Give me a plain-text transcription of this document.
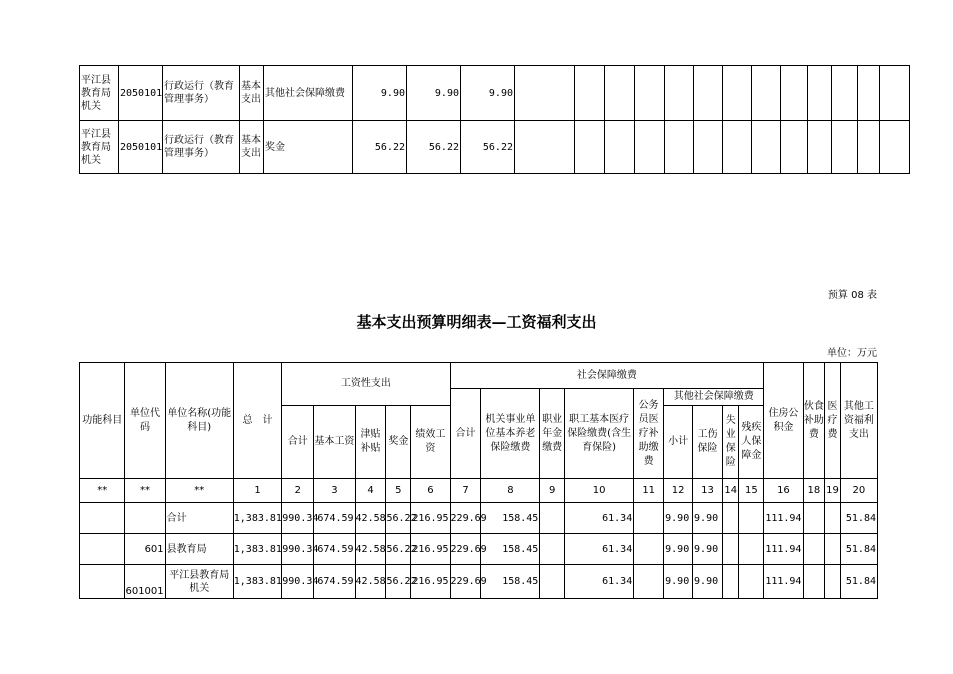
平江县教育局机关	2050101	行政运行（教育管理事务）	基本支出	其他社会保障缴费	9.90	9.90	9.90													
平江县教育局机关	2050101	行政运行（教育管理事务）	基本支出	奖金	56.22	56.22	56.22													
预算 08 表
基本支出预算明细表—工资福利支出
单位：万元
功能科目	单位代码	单位名称(功能科目)	总　计	工资性支出					社会保障缴费									住房公积金	伙食补助费	医疗费	其他工资福利支出
									合计	机关事业单位基本养老保险缴费	职业年金缴费	职工基本医疗保险缴费(含生育保险)	公务员医疗补助缴费	其他社会保障缴费							
				合计	基本工资	津贴补贴	奖金	绩效工资						小计	工伤保险	失业保险	残疾人保障金				
**	**	**	1	2	3	4	5	6	7	8	9	10	11	12	13	14	15	16	18	19	20
		合计	1,383.81	990.34	674.59	42.58	56.22	216.95	229.69	158.45		61.34		9.90	9.90			111.94			51.84
	601	县教育局	1,383.81	990.34	674.59	42.58	56.22	216.95	229.69	158.45		61.34		9.90	9.90			111.94			51.84
	601001	平江县教育局机关	1,383.81	990.34	674.59	42.58	56.22	216.95	229.69	158.45		61.34		9.90	9.90			111.94			51.84
